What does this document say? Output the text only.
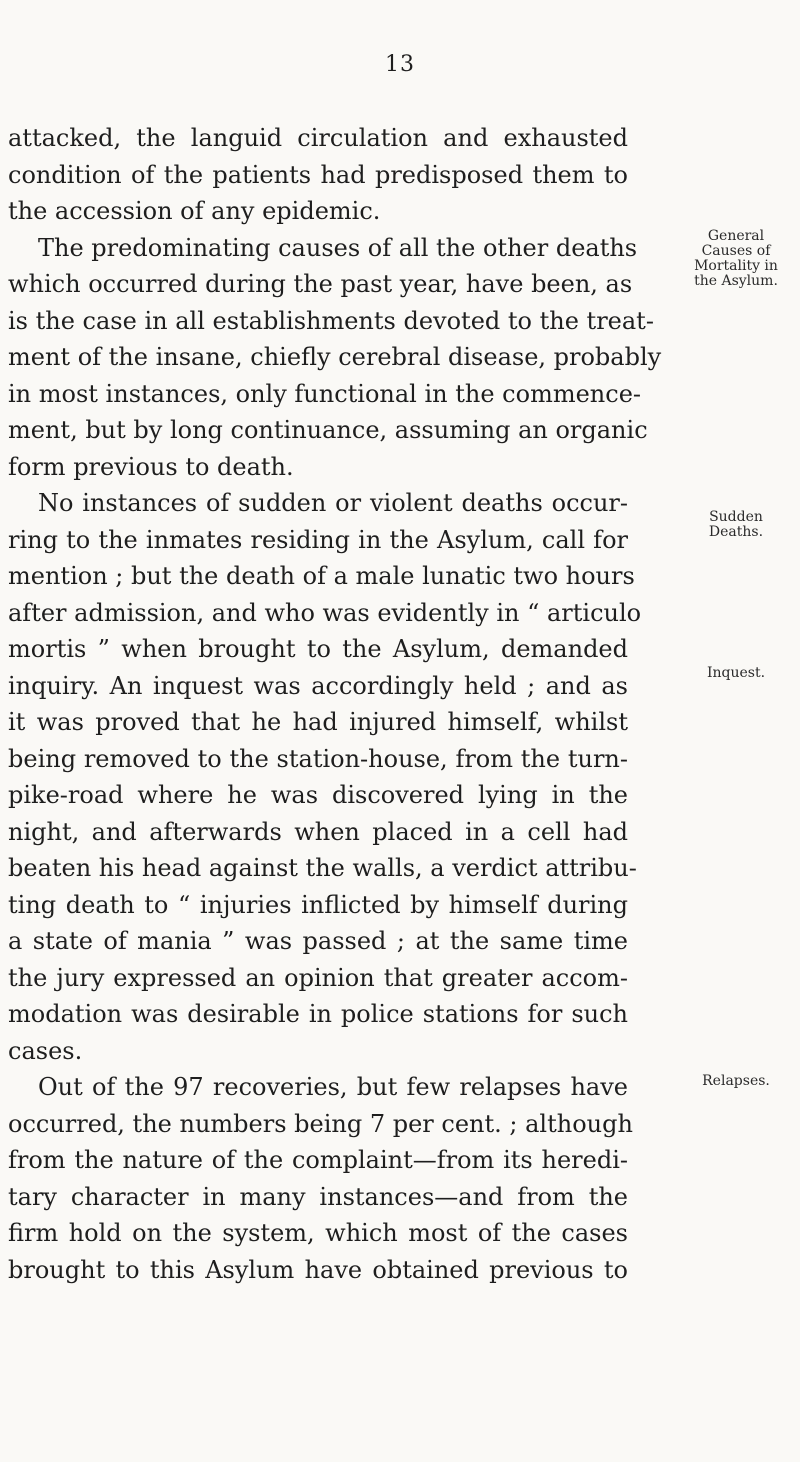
13
attacked, the languid circulation and exhausted
condition of the patients had predisposed them to
the accession of any epidemic.
The predominating causes of all the other deaths
which occurred during the past year, have been, as
is the case in all establishments devoted to the treat-
ment of the insane, chiefly cerebral disease, probably
in most instances, only functional in the commence-
ment, but by long continuance, assuming an organic
form previous to death.
No instances of sudden or violent deaths occur-
ring to the inmates residing in the Asylum, call for
mention ; but the death of a male lunatic two hours
after admission, and who was evidently in “ articulo
mortis ” when brought to the Asylum, demanded
inquiry. An inquest was accordingly held ; and as
it was proved that he had injured himself, whilst
being removed to the station-house, from the turn-
pike-road where he was discovered lying in the
night, and afterwards when placed in a cell had
beaten his head against the walls, a verdict attribu-
ting death to “ injuries inflicted by himself during
a state of mania ” was passed ; at the same time
the jury expressed an opinion that greater accom-
modation was desirable in police stations for such
cases.
Out of the 97 recoveries, but few relapses have
occurred, the numbers being 7 per cent. ; although
from the nature of the complaint—from its heredi-
tary character in many instances—and from the
firm hold on the system, which most of the cases
brought to this Asylum have obtained previous to
General
Causes of
Mortality in
the Asylum.
Sudden
Deaths.
Inquest.
Relapses.
